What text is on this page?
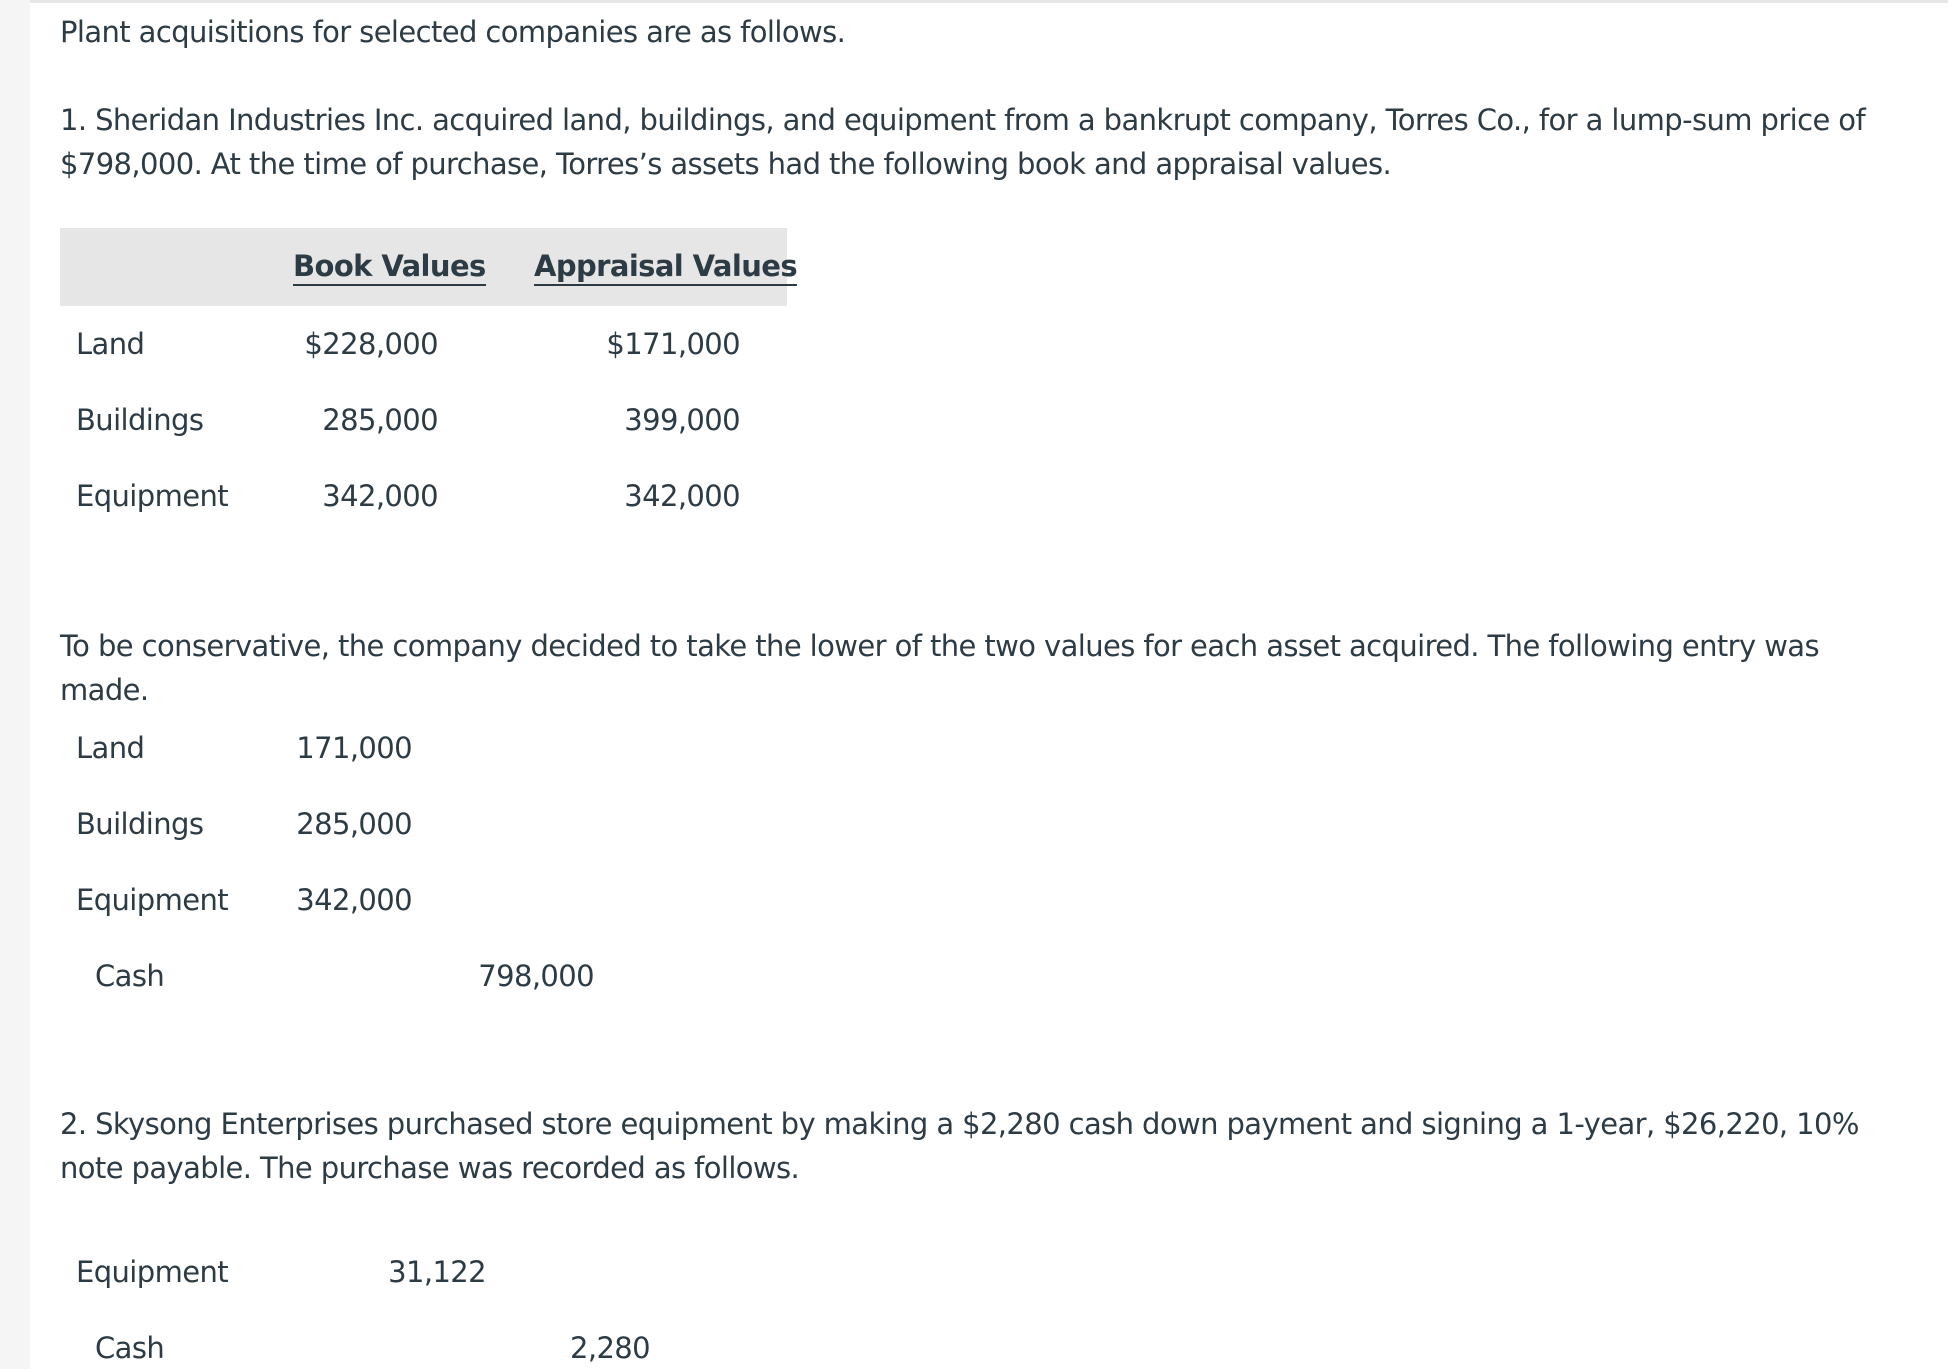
Plant acquisitions for selected companies are as follows.

1. Sheridan Industries Inc. acquired land, buildings, and equipment from a bankrupt company, Torres Co., for a lump-sum price of $798,000. At the time of purchase, Torres’s assets had the following book and appraisal values.

Book Values Appraisal Values
Land	$228,000	$171,000
Buildings	285,000	399,000
Equipment	342,000	342,000

To be conservative, the company decided to take the lower of the two values for each asset acquired. The following entry was made.

Land	171,000
Buildings	285,000
Equipment	342,000
Cash	798,000

2. Skysong Enterprises purchased store equipment by making a $2,280 cash down payment and signing a 1-year, $26,220, 10% note payable. The purchase was recorded as follows.

Equipment	31,122
Cash	2,280
